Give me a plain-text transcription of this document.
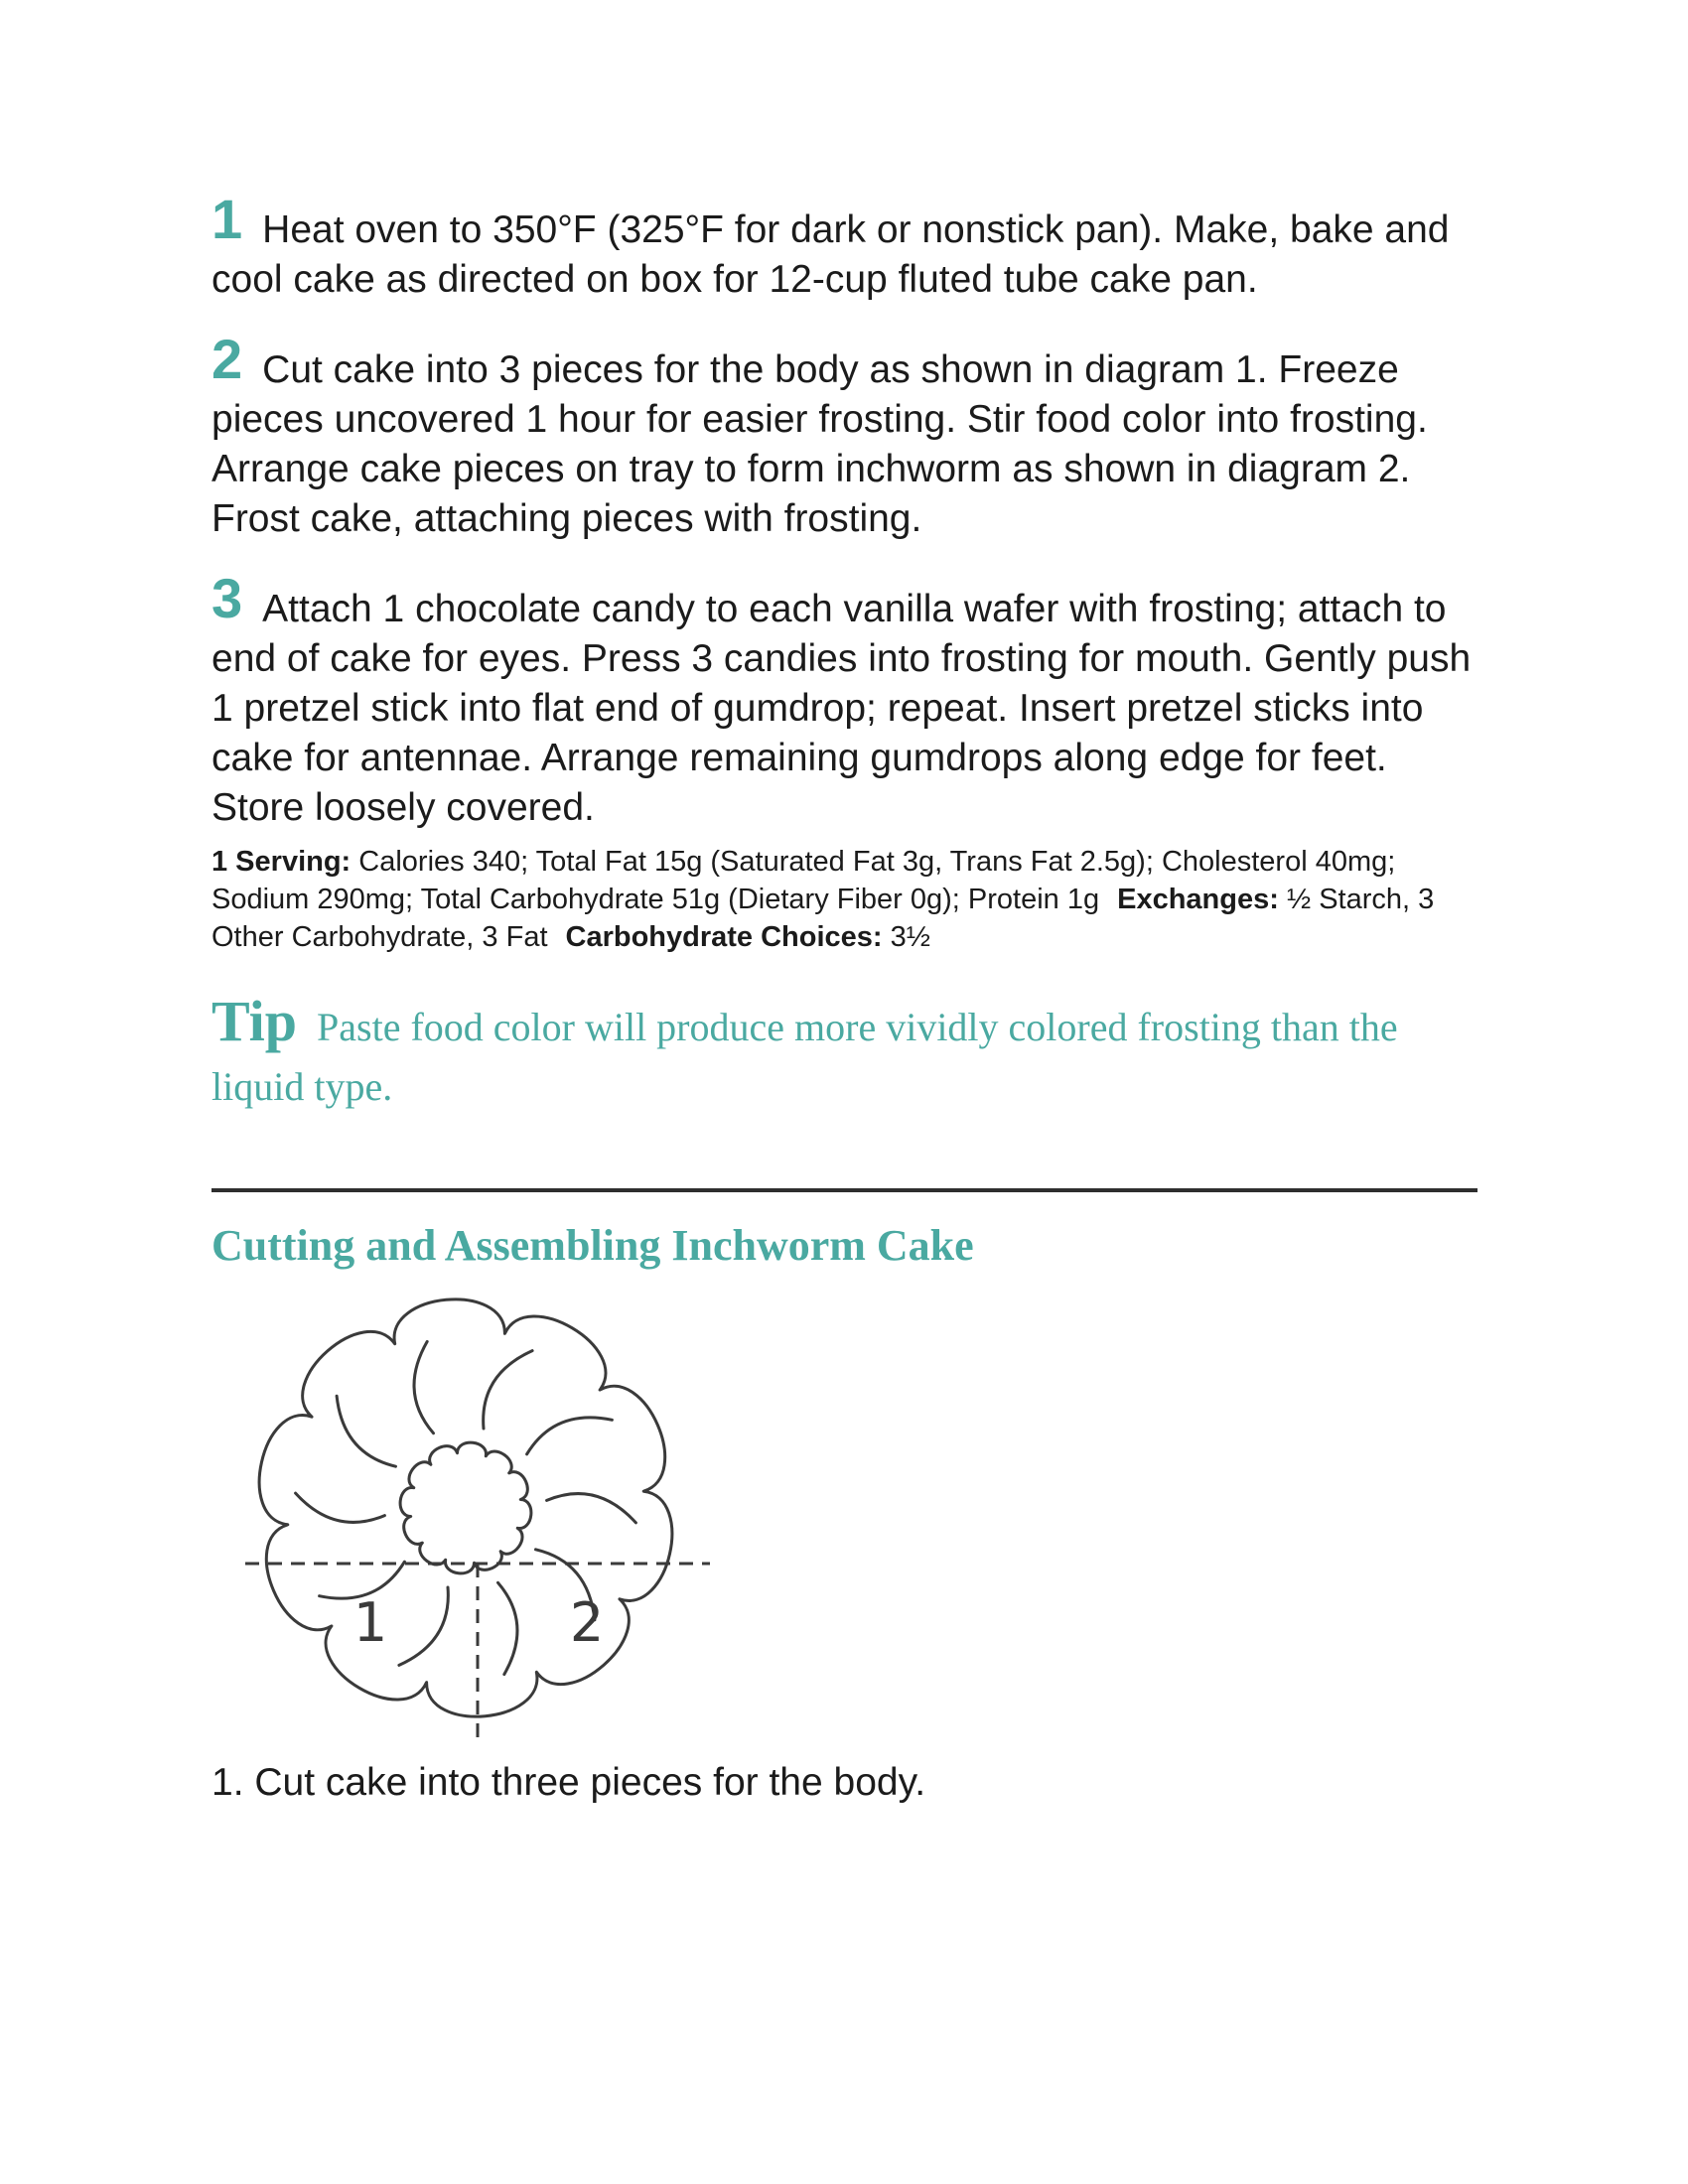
1 Heat oven to 350°F (325°F for dark or nonstick pan). Make, bake and cool cake as directed on box for 12-cup fluted tube cake pan.

2 Cut cake into 3 pieces for the body as shown in diagram 1. Freeze pieces uncovered 1 hour for easier frosting. Stir food color into frosting. Arrange cake pieces on tray to form inchworm as shown in diagram 2. Frost cake, attaching pieces with frosting.

3 Attach 1 chocolate candy to each vanilla wafer with frosting; attach to end of cake for eyes. Press 3 candies into frosting for mouth. Gently push 1 pretzel stick into flat end of gumdrop; repeat. Insert pretzel sticks into cake for antennae. Arrange remaining gumdrops along edge for feet. Store loosely covered.

1 Serving: Calories 340; Total Fat 15g (Saturated Fat 3g, Trans Fat 2.5g); Cholesterol 40mg; Sodium 290mg; Total Carbohydrate 51g (Dietary Fiber 0g); Protein 1g Exchanges: ½ Starch, 3 Other Carbohydrate, 3 Fat Carbohydrate Choices: 3½

Tip Paste food color will produce more vividly colored frosting than the liquid type.
Cutting and Assembling Inchworm Cake
1	2
1. Cut cake into three pieces for the body.
